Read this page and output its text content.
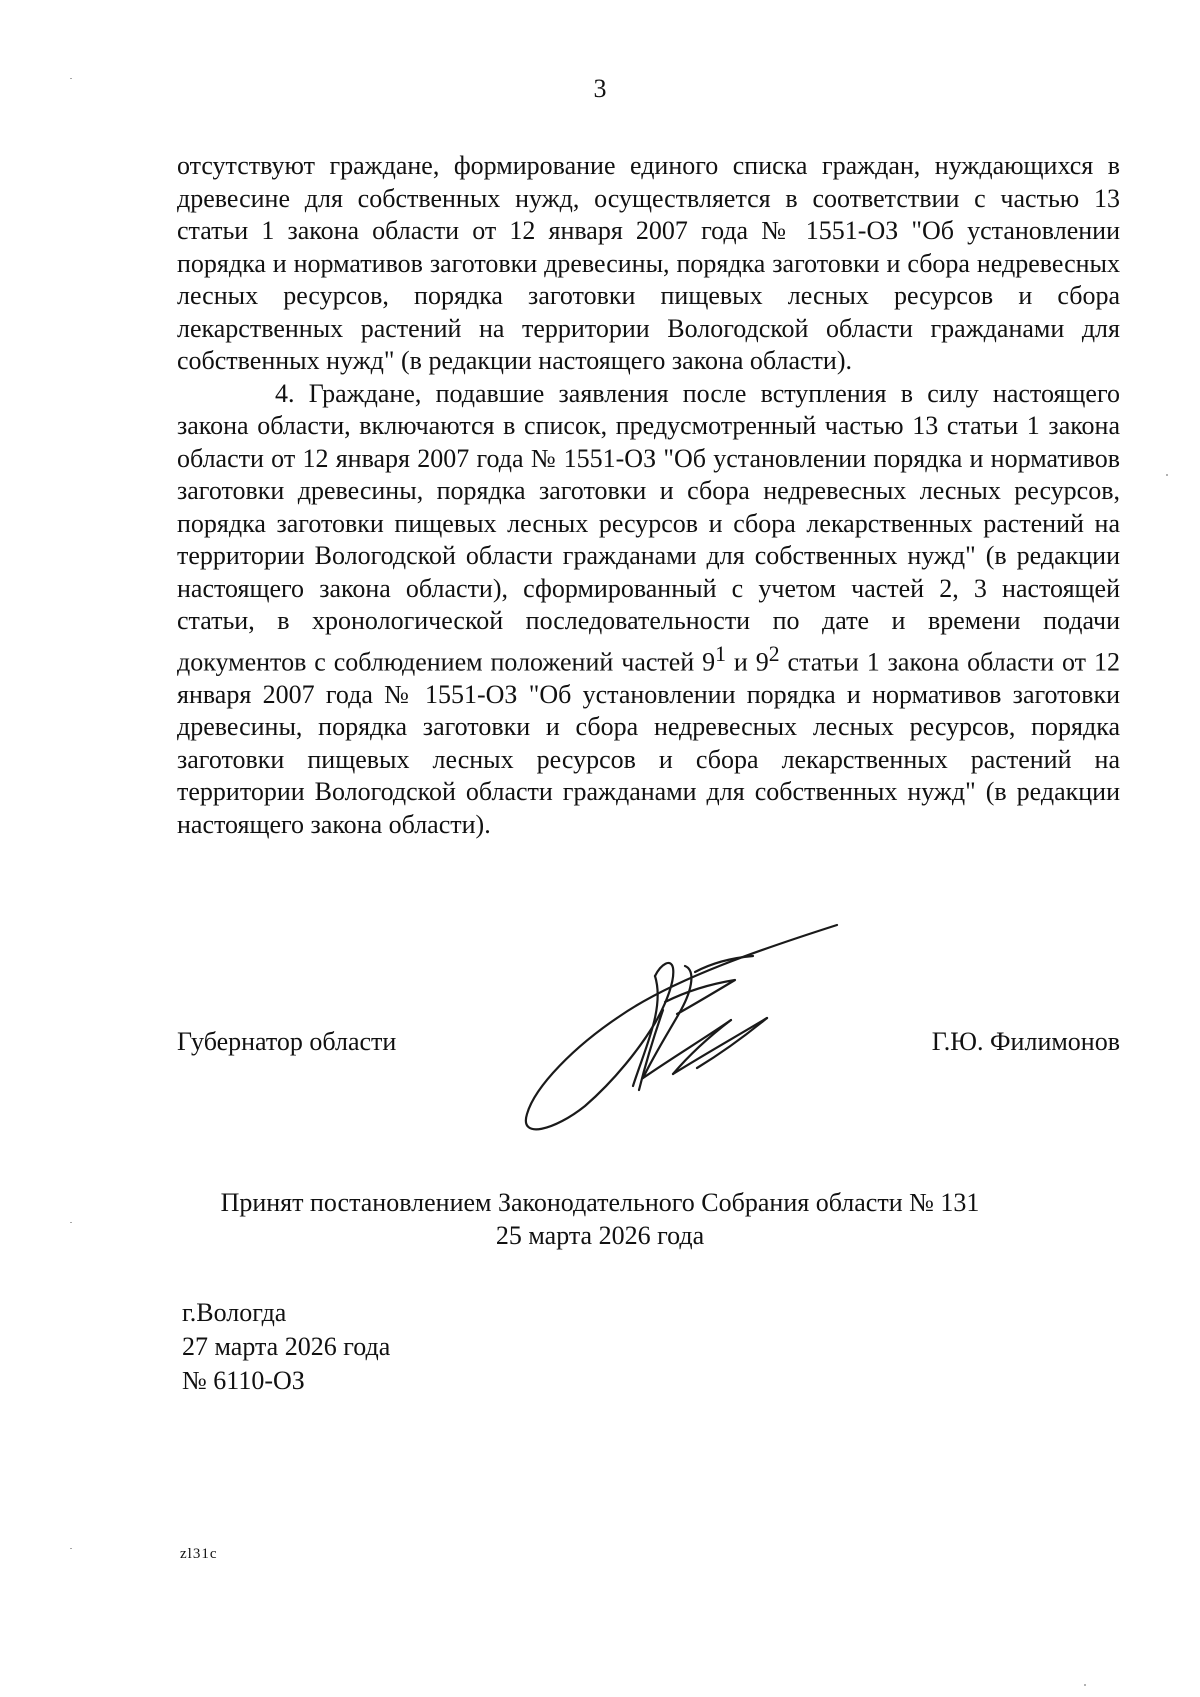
3

отсутствуют граждане, формирование единого списка граждан, нуждающихся в древесине для собственных нужд, осуществляется в соответствии с частью 13 статьи 1 закона области от 12 января 2007 года № 1551-ОЗ "Об установлении порядка и нормативов заготовки древесины, порядка заготовки и сбора недревесных лесных ресурсов, порядка заготовки пищевых лесных ресурсов и сбора лекарственных растений на территории Вологодской области гражданами для собственных нужд" (в редакции настоящего закона области).

4. Граждане, подавшие заявления после вступления в силу настоящего закона области, включаются в список, предусмотренный частью 13 статьи 1 закона области от 12 января 2007 года № 1551-ОЗ "Об установлении порядка и нормативов заготовки древесины, порядка заготовки и сбора недревесных лесных ресурсов, порядка заготовки пищевых лесных ресурсов и сбора лекарственных растений на территории Вологодской области гражданами для собственных нужд" (в редакции настоящего закона области), сформированный с учетом частей 2, 3 настоящей статьи, в хронологической последовательности по дате и времени подачи документов с соблюдением положений частей $9^1$ и $9^2$ статьи 1 закона области от 12 января 2007 года № 1551-ОЗ "Об установлении порядка и нормативов заготовки древесины, порядка заготовки и сбора недревесных лесных ресурсов, порядка заготовки пищевых лесных ресурсов и сбора лекарственных растений на территории Вологодской области гражданами для собственных нужд" (в редакции настоящего закона области).

Губернатор области	Г.Ю. Филимонов
Принят постановлением Законодательного Собрания области № 131
25 марта 2026 года
г.Вологда
27 марта 2026 года
№ 6110-ОЗ
zl31c
